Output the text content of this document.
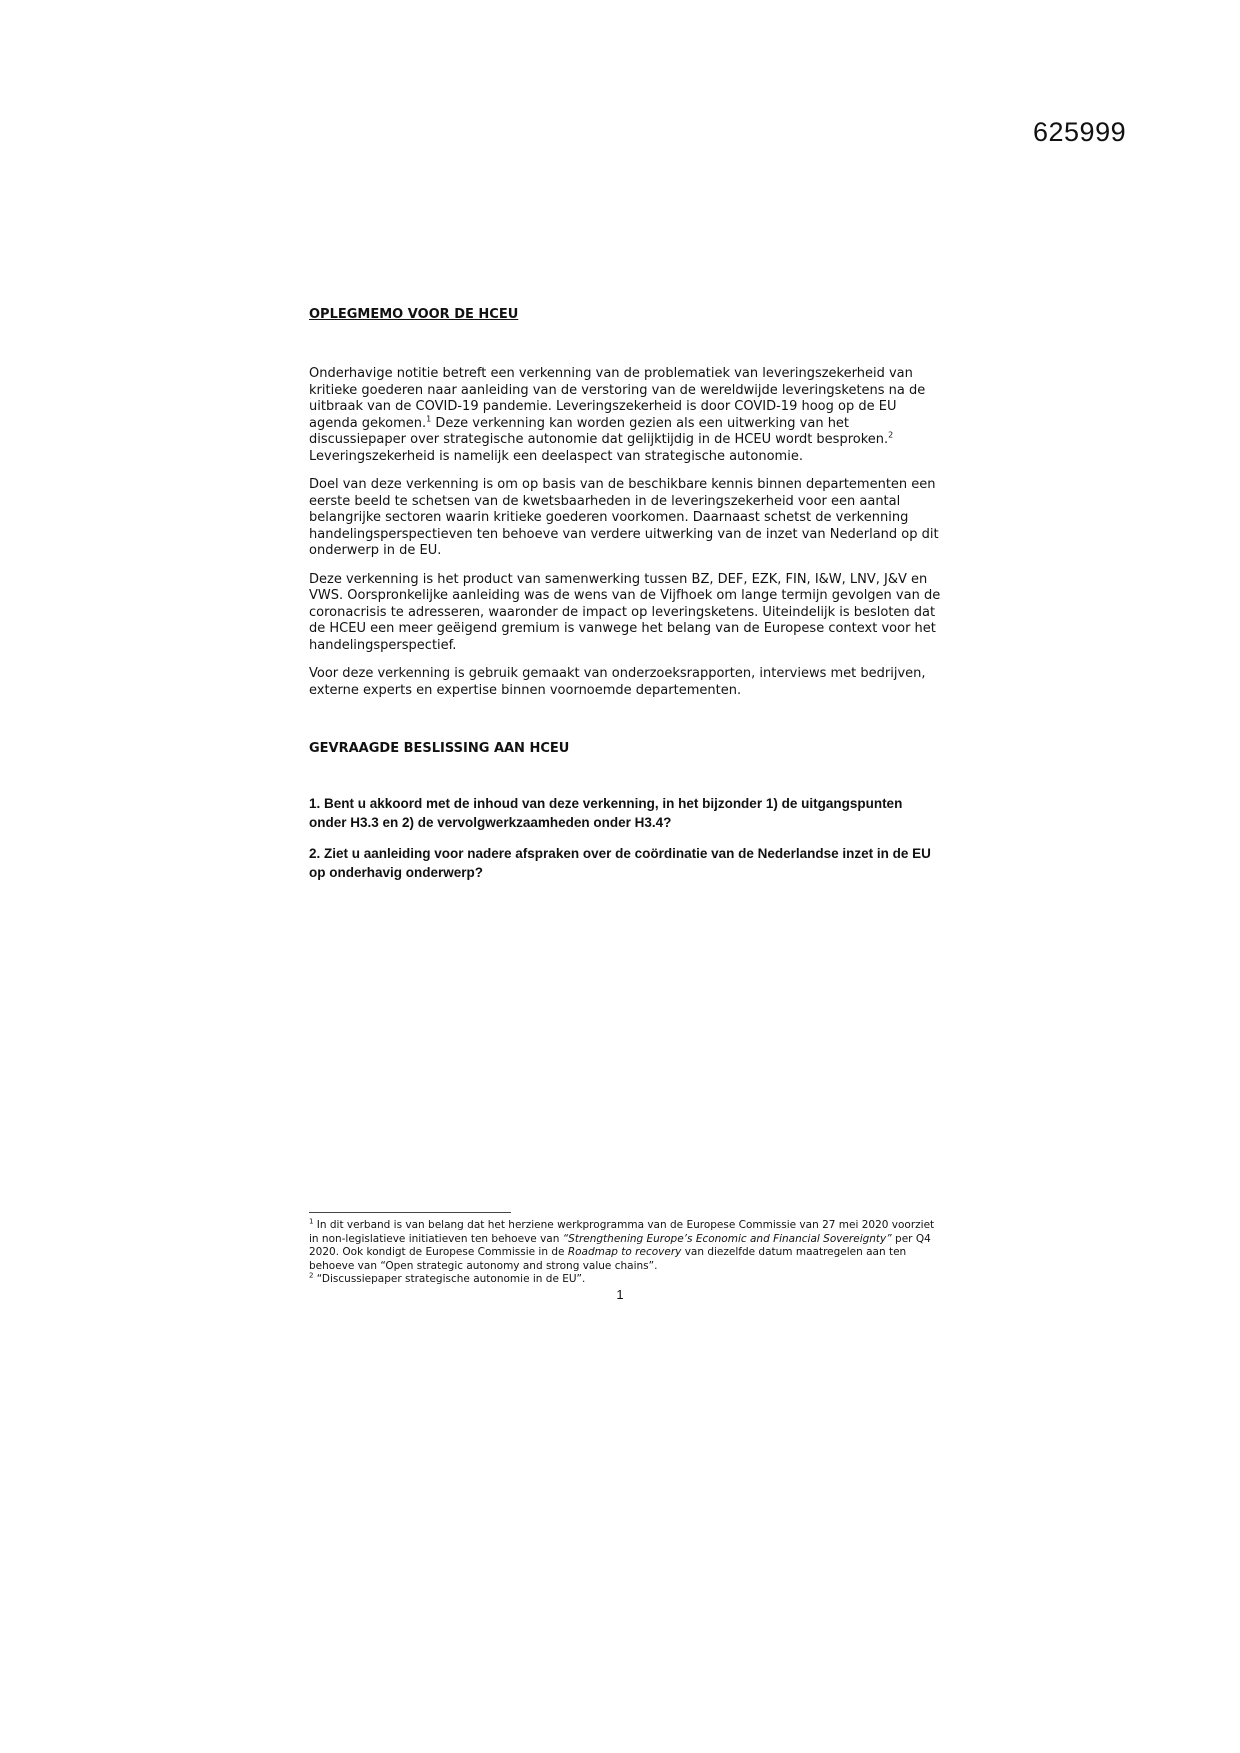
625999

OPLEGMEMO VOOR DE HCEU

Onderhavige notitie betreft een verkenning van de problematiek van leveringszekerheid van kritieke goederen naar aanleiding van de verstoring van de wereldwijde leveringsketens na de uitbraak van de COVID-19 pandemie. Leveringszekerheid is door COVID-19 hoog op de EU agenda gekomen.$^1$ Deze verkenning kan worden gezien als een uitwerking van het discussiepaper over strategische autonomie dat gelijktijdig in de HCEU wordt besproken.$^2$ Leveringszekerheid is namelijk een deelaspect van strategische autonomie.

Doel van deze verkenning is om op basis van de beschikbare kennis binnen departementen een eerste beeld te schetsen van de kwetsbaarheden in de leveringszekerheid voor een aantal belangrijke sectoren waarin kritieke goederen voorkomen. Daarnaast schetst de verkenning handelingsperspectieven ten behoeve van verdere uitwerking van de inzet van Nederland op dit onderwerp in de EU.

Deze verkenning is het product van samenwerking tussen BZ, DEF, EZK, FIN, I&W, LNV, J&V en VWS. Oorspronkelijke aanleiding was de wens van de Vijfhoek om lange termijn gevolgen van de coronacrisis te adresseren, waaronder de impact op leveringsketens. Uiteindelijk is besloten dat de HCEU een meer geëigend gremium is vanwege het belang van de Europese context voor het handelingsperspectief.

Voor deze verkenning is gebruik gemaakt van onderzoeksrapporten, interviews met bedrijven, externe experts en expertise binnen voornoemde departementen.

GEVRAAGDE BESLISSING AAN HCEU

1. Bent u akkoord met de inhoud van deze verkenning, in het bijzonder 1) de uitgangspunten onder H3.3 en 2) de vervolgwerkzaamheden onder H3.4?

2. Ziet u aanleiding voor nadere afspraken over de coördinatie van de Nederlandse inzet in de EU op onderhavig onderwerp?

$^1$ In dit verband is van belang dat het herziene werkprogramma van de Europese Commissie van 27 mei 2020 voorziet in non-legislatieve initiatieven ten behoeve van “Strengthening Europe’s Economic and Financial Sovereignty” per Q4 2020. Ook kondigt de Europese Commissie in de Roadmap to recovery van diezelfde datum maatregelen aan ten behoeve van “Open strategic autonomy and strong value chains”.

$^2$ “Discussiepaper strategische autonomie in de EU”.

1
